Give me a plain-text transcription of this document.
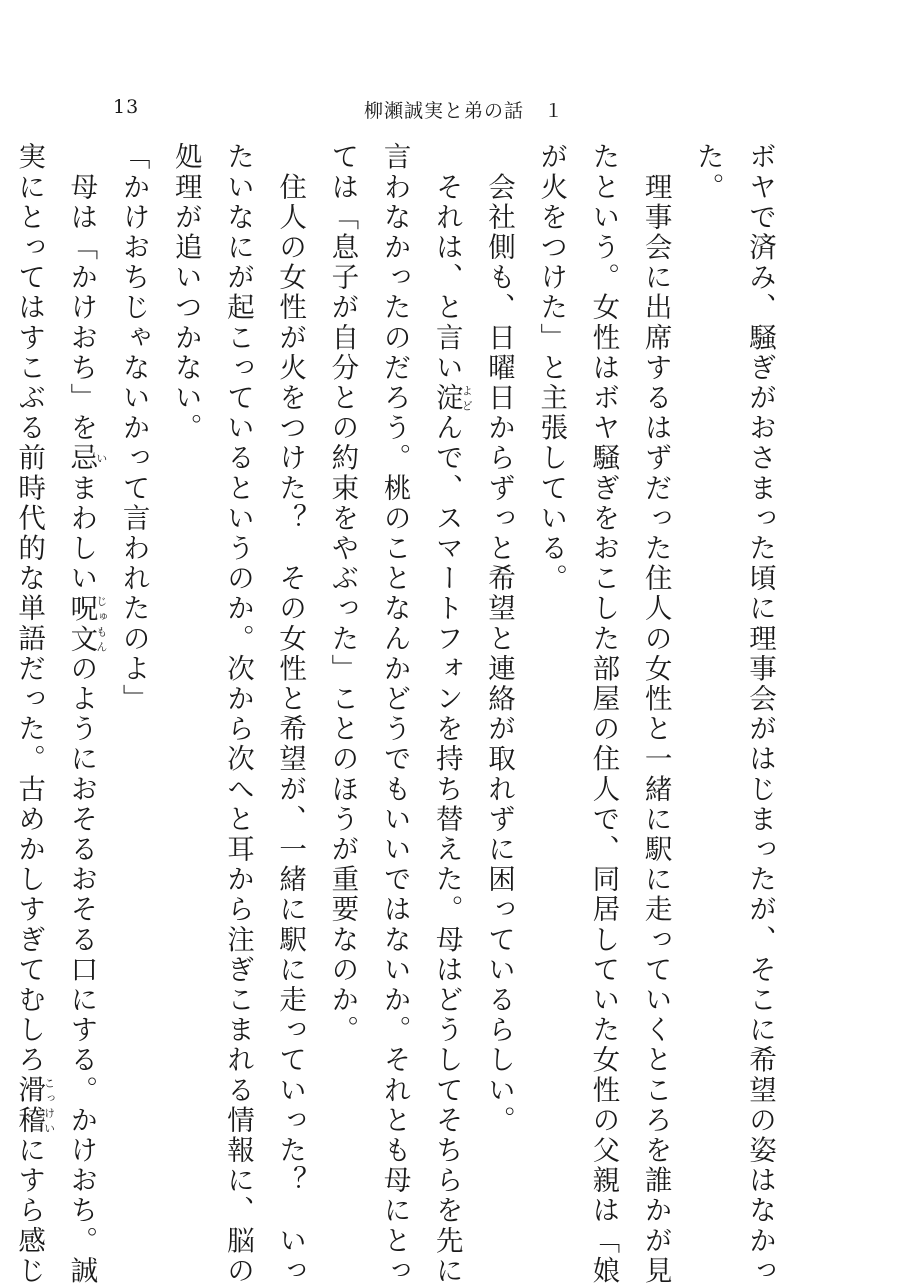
13	柳瀬誠実と弟の話　１
ボヤで済み、騒ぎがおさまった頃に理事会がはじまったが、そこに希望の姿はなかっ
た。
　理事会に出席するはずだった住人の女性と一緒に駅に走っていくところを誰かが見
たという。女性はボヤ騒ぎをおこした部屋の住人で、同居していた女性の父親は「娘
が火をつけた」と主張している。
　会社側も、日曜日からずっと希望と連絡が取れずに困っているらしい。
　それは、と言い淀よどんで、スマートフォンを持ち替えた。母はどうしてそちらを先に
言わなかったのだろう。桃のことなんかどうでもいいではないか。それとも母にとっ
ては「息子が自分との約束をやぶった」ことのほうが重要なのか。
　住人の女性が火をつけた？　その女性と希望が、一緒に駅に走っていった？　いっ
たいなにが起こっているというのか。次から次へと耳から注ぎこまれる情報に、脳の
処理が追いつかない。
「かけおちじゃないかって言われたのよ」
　母は「かけおち」を忌いまわしい呪文じゅもんのようにおそるおそる口にする。かけおち。誠
実にとってはすこぶる前時代的な単語だった。古めかしすぎてむしろ滑稽こっけいにすら感じ
